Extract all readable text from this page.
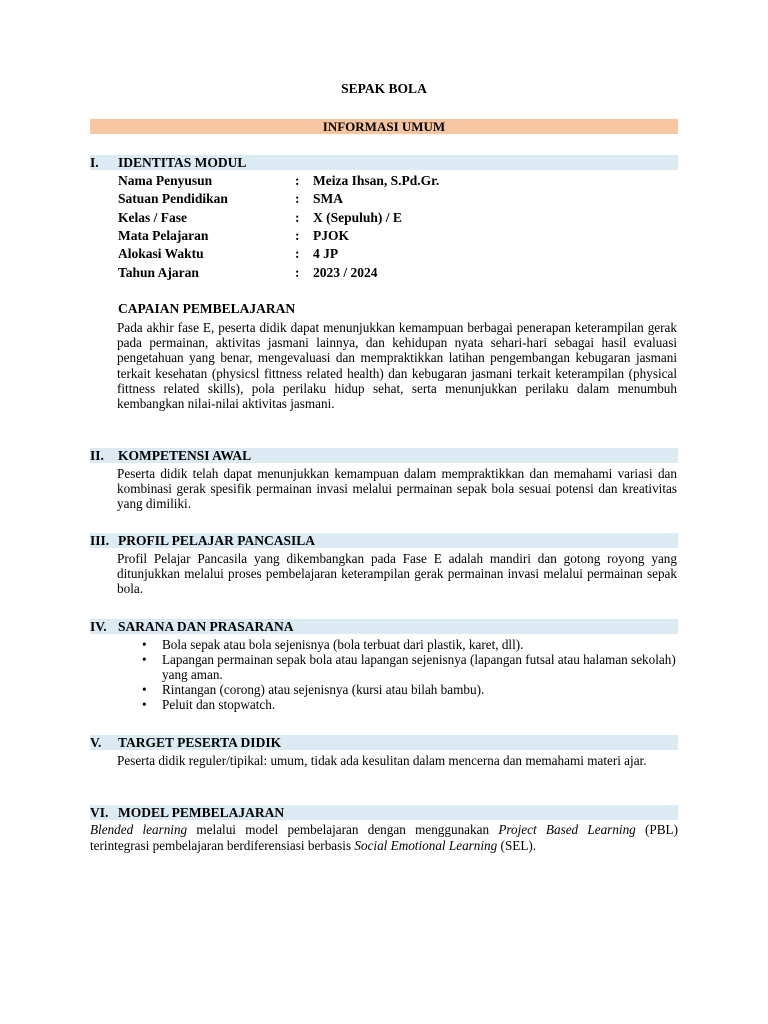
SEPAK BOLA
INFORMASI UMUM
I. IDENTITAS MODUL
Nama Penyusun	: Meiza Ihsan, S.Pd.Gr.
Satuan Pendidikan	: SMA
Kelas / Fase	: X (Sepuluh) / E
Mata Pelajaran	: PJOK
Alokasi Waktu	: 4 JP
Tahun Ajaran	: 2023 / 2024
CAPAIAN PEMBELAJARAN

Pada akhir fase E, peserta didik dapat menunjukkan kemampuan berbagai penerapan keterampilan gerak pada permainan, aktivitas jasmani lainnya, dan kehidupan nyata sehari-hari sebagai hasil evaluasi pengetahuan yang benar, mengevaluasi dan mempraktikkan latihan pengembangan kebugaran jasmani terkait kesehatan (physicsl fittness related health) dan kebugaran jasmani terkait keterampilan (physical fittness related skills), pola perilaku hidup sehat, serta menunjukkan perilaku dalam menumbuh kembangkan nilai-nilai aktivitas jasmani.

II. KOMPETENSI AWAL

Peserta didik telah dapat menunjukkan kemampuan dalam mempraktikkan dan memahami variasi dan kombinasi gerak spesifik permainan invasi melalui permainan sepak bola sesuai potensi dan kreativitas yang dimiliki.

III. PROFIL PELAJAR PANCASILA

Profil Pelajar Pancasila yang dikembangkan pada Fase E adalah mandiri dan gotong royong yang ditunjukkan melalui proses pembelajaran keterampilan gerak permainan invasi melalui permainan sepak bola.

IV. SARANA DAN PRASARANA
• Bola sepak atau bola sejenisnya (bola terbuat dari plastik, karet, dll).
• Lapangan permainan sepak bola atau lapangan sejenisnya (lapangan futsal atau halaman sekolah) yang aman.
• Rintangan (corong) atau sejenisnya (kursi atau bilah bambu).
• Peluit dan stopwatch.
V. TARGET PESERTA DIDIK

Peserta didik reguler/tipikal: umum, tidak ada kesulitan dalam mencerna dan memahami materi ajar.

VI. MODEL PEMBELAJARAN

Blended learning melalui model pembelajaran dengan menggunakan Project Based Learning (PBL) terintegrasi pembelajaran berdiferensiasi berbasis Social Emotional Learning (SEL).
